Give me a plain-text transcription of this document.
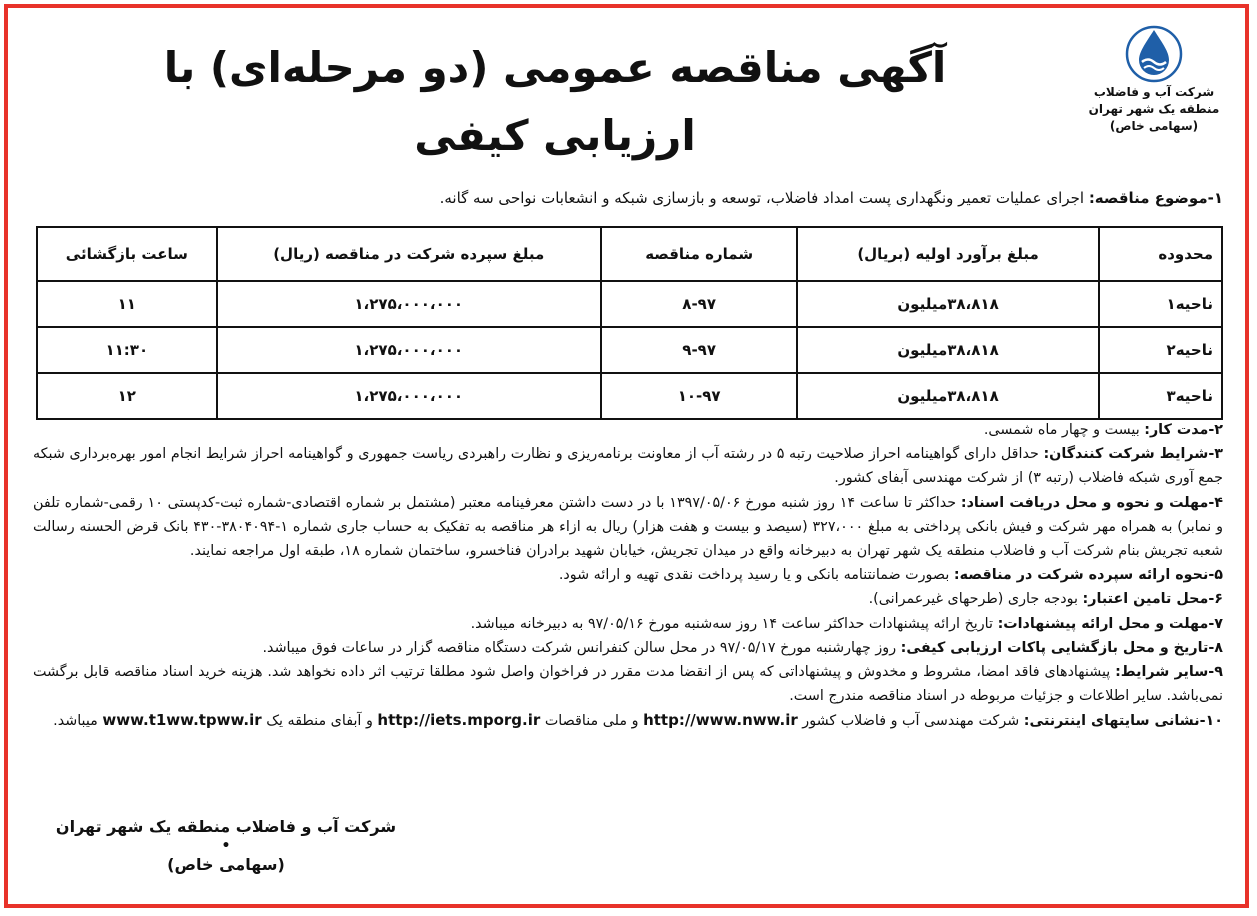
شرکت آب و فاضلاب
منطقه یک شهر تهران
(سهامی خاص)
آگهی مناقصه عمومی (دو مرحله‌ای) با ارزیابی کیفی
۱-موضوع مناقصه: اجرای عملیات تعمیر ونگهداری پست امداد فاضلاب، توسعه و بازسازی شبکه و انشعابات نواحی سه گانه.
محدوده	مبلغ برآورد اولیه (بریال)	شماره مناقصه	مبلغ سپرده شرکت در مناقصه (ریال)	ساعت بازگشائی
ناحیه۱	۳۸،۸۱۸میلیون	۸-۹۷	۱،۲۷۵،۰۰۰،۰۰۰	۱۱
ناحیه۲	۳۸،۸۱۸میلیون	۹-۹۷	۱،۲۷۵،۰۰۰،۰۰۰	۱۱:۳۰
ناحیه۳	۳۸،۸۱۸میلیون	۱۰-۹۷	۱،۲۷۵،۰۰۰،۰۰۰	۱۲

۲-مدت کار: بیست و چهار ماه شمسی.

۳-شرایط شرکت کنندگان: حداقل دارای گواهینامه احراز صلاحیت رتبه ۵ در رشته آب از معاونت برنامه‌ریزی و نظارت راهبردی ریاست جمهوری و گواهینامه احراز شرایط انجام امور بهره‌برداری شبکه جمع آوری شبکه فاضلاب (رتبه ۳) از شرکت مهندسی آبفای کشور.

۴-مهلت و نحوه و محل دریافت اسناد: حداکثر تا ساعت ۱۴ روز شنبه مورخ ۱۳۹۷/۰۵/۰۶ با در دست داشتن معرفینامه معتبر (مشتمل بر شماره اقتصادی-شماره ثبت-کدپستی ۱۰ رقمی-شماره تلفن و نمابر) به همراه مهر شرکت و فیش بانکی پرداختی به مبلغ ۳۲۷،۰۰۰ (سیصد و بیست و هفت هزار) ریال به ازاء هر مناقصه به تفکیک به حساب جاری شماره ۱-۳۸۰۴۰۹۴-۴۳۰ بانک قرض الحسنه رسالت شعبه تجریش بنام شرکت آب و فاضلاب منطقه یک شهر تهران به دبیرخانه واقع در میدان تجریش، خیابان شهید برادران فناخسرو، ساختمان شماره ۱۸، طبقه اول مراجعه نمایند.

۵-نحوه ارائه سپرده شرکت در مناقصه: بصورت ضمانتنامه بانکی و یا رسید پرداخت نقدی تهیه و ارائه شود.

۶-محل تامین اعتبار: بودجه جاری (طرحهای غیرعمرانی).

۷-مهلت و محل ارائه پیشنهادات: تاریخ ارائه پیشنهادات حداکثر ساعت ۱۴ روز سه‌شنبه مورخ ۹۷/۰۵/۱۶ به دبیرخانه میباشد.

۸-تاریخ و محل بازگشایی پاکات ارزیابی کیفی: روز چهارشنبه مورخ ۹۷/۰۵/۱۷ در محل سالن کنفرانس شرکت دستگاه مناقصه گزار در ساعات فوق میباشد.

۹-سایر شرایط: پیشنهادهای فاقد امضا، مشروط و مخدوش و پیشنهاداتی که پس از انقضا مدت مقرر در فراخوان واصل شود مطلقا ترتیب اثر داده نخواهد شد. هزینه خرید اسناد مناقصه قابل برگشت نمی‌باشد. سایر اطلاعات و جزئیات مربوطه در اسناد مناقصه مندرج است.

۱۰-نشانی سایتهای اینترنتی: شرکت مهندسی آب و فاضلاب کشور http://www.nww.ir و ملی مناقصات http://iets.mporg.ir و آبفای منطقه یک www.t1ww.tpww.ir میباشد.

شرکت آب و فاضلاب منطقه یک شهر تهران
•
(سهامی خاص)
